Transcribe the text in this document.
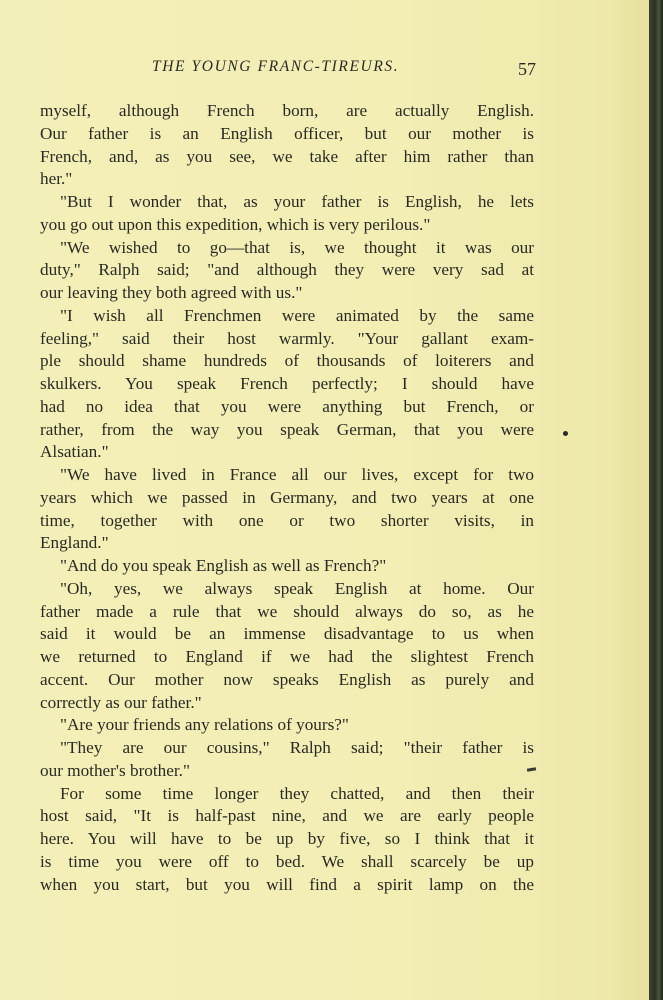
THE YOUNG FRANC-TIREURS.	57
myself, although French born, are actually English.
Our father is an English officer, but our mother is
French, and, as you see, we take after him rather than
her."
"But I wonder that, as your father is English, he lets
you go out upon this expedition, which is very perilous."
"We wished to go—that is, we thought it was our
duty," Ralph said; "and although they were very sad at
our leaving they both agreed with us."
"I wish all Frenchmen were animated by the same
feeling," said their host warmly. "Your gallant exam-
ple should shame hundreds of thousands of loiterers and
skulkers. You speak French perfectly; I should have
had no idea that you were anything but French, or
rather, from the way you speak German, that you were
Alsatian."
"We have lived in France all our lives, except for two
years which we passed in Germany, and two years at one
time, together with one or two shorter visits, in
England."
"And do you speak English as well as French?"
"Oh, yes, we always speak English at home. Our
father made a rule that we should always do so, as he
said it would be an immense disadvantage to us when
we returned to England if we had the slightest French
accent. Our mother now speaks English as purely and
correctly as our father."
"Are your friends any relations of yours?"
"They are our cousins," Ralph said; "their father is
our mother's brother."
For some time longer they chatted, and then their
host said, "It is half-past nine, and we are early people
here. You will have to be up by five, so I think that it
is time you were off to bed. We shall scarcely be up
when you start, but you will find a spirit lamp on the
